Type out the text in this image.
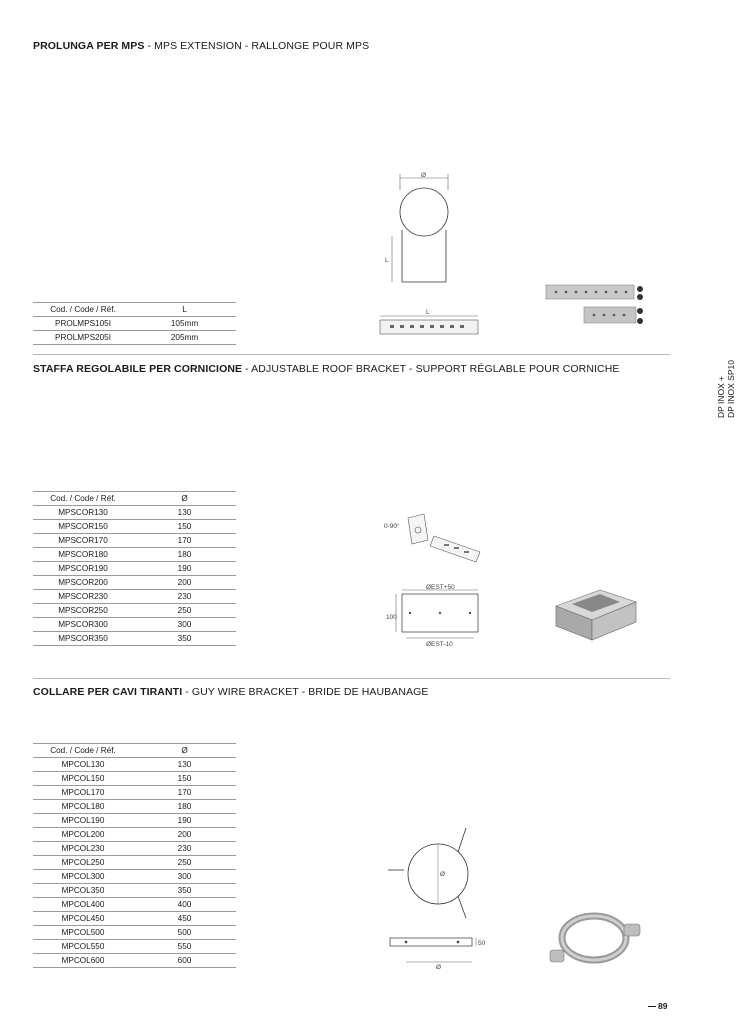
PROLUNGA PER MPS - MPS EXTENSION - RALLONGE POUR MPS
Ø
L
L
Cod. / Code / Réf.	L
PROLMPS105I	105mm
PROLMPS205I	205mm
STAFFA REGOLABILE PER CORNICIONE - ADJUSTABLE ROOF BRACKET - SUPPORT RÉGLABLE POUR CORNICHE
0-90°
ØEST+50
100
ØEST-10
Cod. / Code / Réf.	Ø
MPSCOR130	130
MPSCOR150	150
MPSCOR170	170
MPSCOR180	180
MPSCOR190	190
MPSCOR200	200
MPSCOR230	230
MPSCOR250	250
MPSCOR300	300
MPSCOR350	350
COLLARE PER CAVI TIRANTI - GUY WIRE BRACKET - BRIDE DE HAUBANAGE
Ø
50
Ø
Cod. / Code / Réf.	Ø
MPCOL130	130
MPCOL150	150
MPCOL170	170
MPCOL180	180
MPCOL190	190
MPCOL200	200
MPCOL230	230
MPCOL250	250
MPCOL300	300
MPCOL350	350
MPCOL400	400
MPCOL450	450
MPCOL500	500
MPCOL550	550
MPCOL600	600
DP INOX + DP INOX SP10
89
